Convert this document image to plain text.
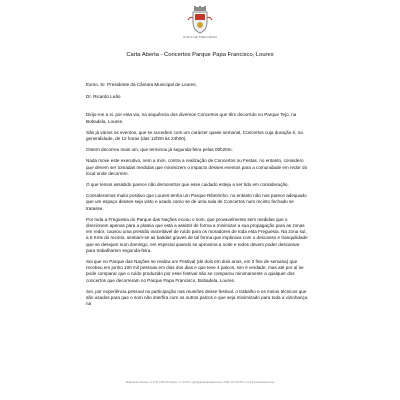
JUNTA DE FREGUESIA
Carta Aberta - Concertos Parque Papa Francisco, Loures

Exmo. Sr. Presidente da Câmara Municipal de Loures,

Dr. Ricardo Leão

Dirijo-me a si, por esta via, na sequência dos diversos Concertos que têm decorrido no Parque Tejo, na Bobadela, Loures.

São já vários os eventos, que se sucedem com um carácter quase semanal, Concertos cuja duração é, na generalidade, de 12 horas (das 12h00 às 24h00).

Ontem decorreu mais um, que terminou já segunda-feira pelas 00h20m.

Nada move este executivo, nem a mim, contra a realização de Concertos ou Festas, no entanto, considero que devem ser tomadas medidas que minimizem o impacto desses eventos para a comunidade em redor do local onde decorrem.

O que temos assistido parece não demonstrar que esse cuidado esteja a ser tido em consideração.

Consideramos muito positivo que Loures tenha um Parque Ribeirinho, no entanto não nos parece adequado que um espaço desses seja visto e usado como se de uma sala de Concertos num recinto fechado se tratasse.

Por toda a Freguesia do Parque das Nações ecoou o som, que provavelmente sem medidas que o direcionem apenas para a plateia que está a assistir de forma a minimizar a sua propagação para as zonas em redor, causou uma pressão inaceitável de ruído para os moradores de toda esta Freguesia. Na zona sul, a 6 Kms do recinto, sentiam-se as batidas graves de tal forma que implicava com o descanso e tranquilidade que se desejam num domingo, em especial quando se aproxima a noite e todos devem poder descansar para trabalharem segunda-feira.

Sei que no Parque das Nações se realiza um Festival (de dois em dois anos, em 2 fins de semana) que recebeu em junho 100 mil pessoas em dois dos dias e que teve 4 palcos, sim é verdade, mas até por aí se pode comparar que o ruído produzido por esse festival não se comparou minimamente a qualquer dos concertos que decorreram no Parque Papa Francisco, Bobadela, Loures.

Sei, por experiência pessoal na participação nas reuniões desse festival, o trabalho e os meios técnicos que são usados para que o som não interfira com os outros palcos e que seja minimizado para toda a vizinhança na

Alameda dos Oceanos, nº 47 B, 1990-203 Lisboa | T.: 218 955 | geral@jf-parquedasnacoes.pt | NIPC 510 879 553 | www.jf-parquedasnacoes.pt
